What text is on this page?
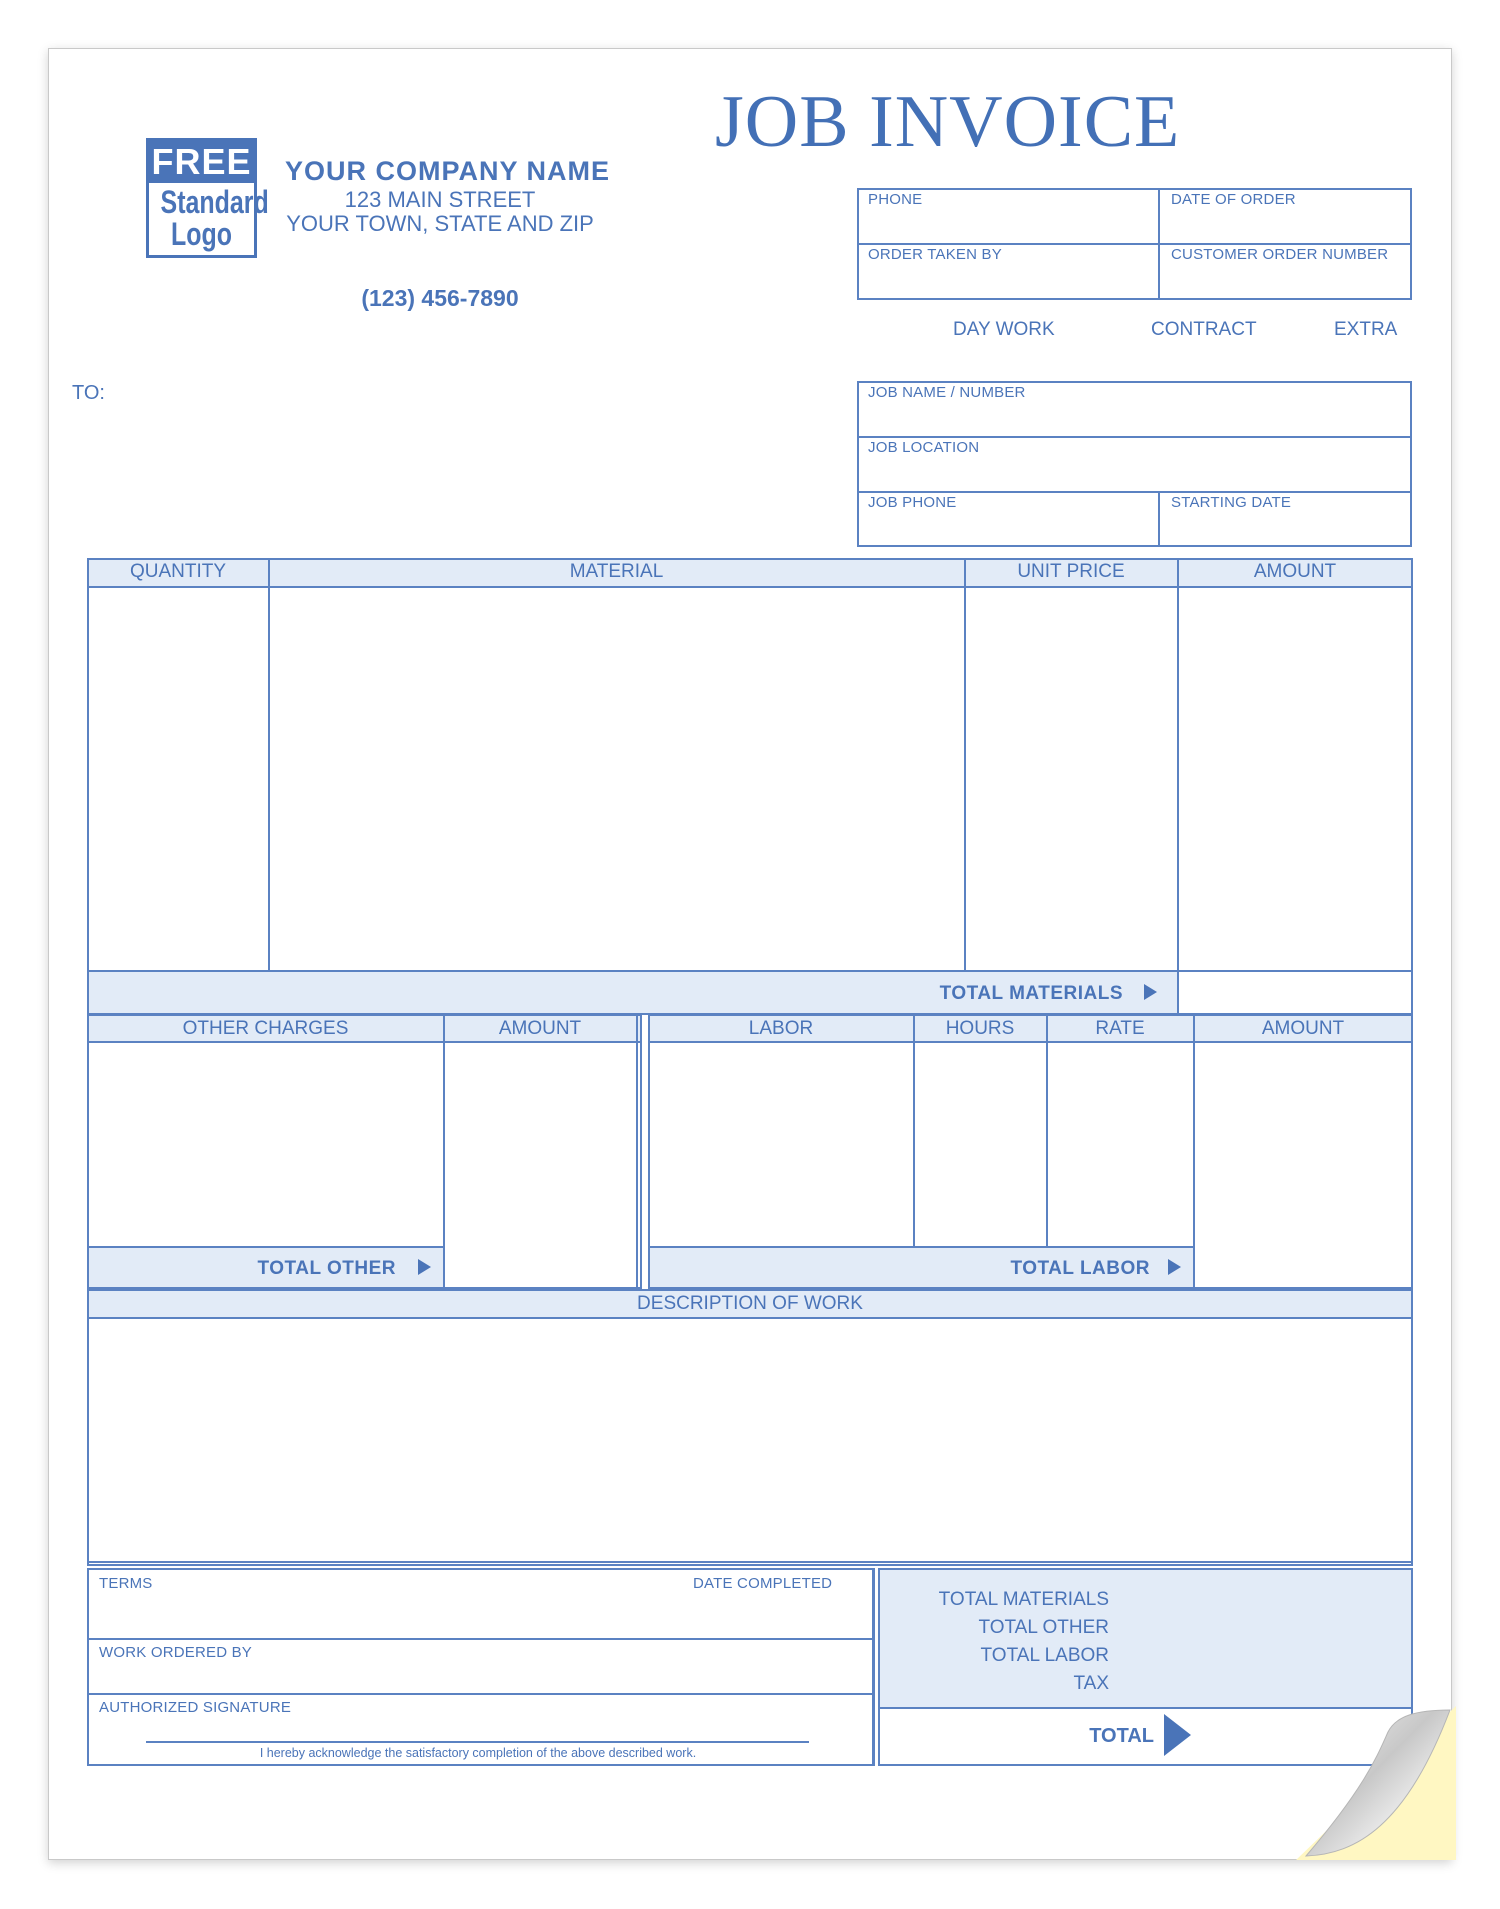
JOB INVOICE
FREE
Standard
Logo
YOUR COMPANY NAME
123 MAIN STREET
YOUR TOWN, STATE AND ZIP
(123) 456-7890
PHONE	DATE OF ORDER
ORDER TAKEN BY	CUSTOMER ORDER NUMBER
DAY WORK	CONTRACT	EXTRA
TO:	JOB NAME / NUMBER
JOB LOCATION
JOB PHONE	STARTING DATE
QUANTITY	MATERIAL	UNIT PRICE	AMOUNT
TOTAL MATERIALS
OTHER CHARGES	AMOUNT
TOTAL OTHER
LABOR	HOURS	RATE	AMOUNT
TOTAL LABOR
DESCRIPTION OF WORK
TERMS	DATE COMPLETED
WORK ORDERED BY
AUTHORIZED SIGNATURE
I hereby acknowledge the satisfactory completion of the above described work.
TOTAL MATERIALS
TOTAL OTHER
TOTAL LABOR
TAX
TOTAL
